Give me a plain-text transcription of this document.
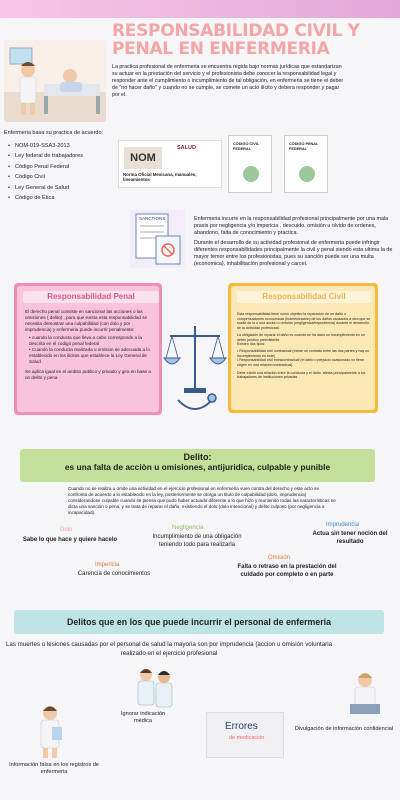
RESPONSABILIDAD CIVIL Y PENAL EN ENFERMERIA
La practica profesional de enfermeria se encuentra regida bajo normas jurídicas que estandarizan su actuar en la prestación del servicio y el profesionista debe conocer la responsabilidad legal y responder ante el cumplimiento o incumplimiento de tal obligación, en enfermeria se tiene el deber de "no hacer daño" y cuando no se cumple, se comete un acto ilícito y debera responder y pagar por el.
Enfermeria basa su practica de acuerdo:
• NOM-019-SSA3-2013
• Ley federal de trabajadores
• Código Penal Federal
• Código Civil
• Ley General de Salud
• Código de Ética
SALUD
NOM
Norma Oficial Mexicana, manuales, lineamientos
CÓDIGO CIVIL FEDERAL
CÓDIGO PENAL FEDERAL
SANCTIONS	Enfermeria incurre en la responsabilidad profesional principalmente por una mala praxis por negligencia y/o impericia , descuido, omisión u olvido de ordenes, abandono, falta de conocimiento y practica.

Durante el desarrollo de su actividad profesional de enfermeria puede infringir diferentes responsabilidades principalmente la civil y penal siendo esta ultima la de mayor temor entre los profesionistas, pues su sanción puede ser una multa (economica), inhabilitación profesional y carcel.

Responsabilidad Penal

El derecho penal consiste en sancionar las acciones o las omisiones ( delito) , para que exista esta responsabilidad se necesita demostrar una culpabilidad (con dolo y por imprudencia) y enfermeria puede incurrir penalmente:

• cuando la conducta que lleva a cabo corresponde a la descrita en el codigo penal federal
• Cuando la conducta realizada u omision se adecuada a lo establecido en los ilicitos que establece la Ley General de Salud

Se aplica igual en el ambito publico y privado y gira en base a un delito y pena

Responsabilidad Civil

Esta responsabilidad tiene como objetivo la reparación de un daño o compensaciones economicas (indemnización) de los daños causados a otra que se sucite de la o una acción u omisión (negligencia/imprudencia) durante el desarrollo de la actividad profesional.

La obligación de reparar el daño es cuando se ha dado un incumplimiento en un deber jurídico preexistente.

Existen dos tipos:

• Responsabilidad civil contractual (existe un contrato entre las dos partes y hay un incumplimiento en este)
• Responsabilidad civil extracontractual (el daño o perjuicio ocasionado no tiene origen en una relación contractual).

Debe existir una relación entre la conducta y el daño, afecta principalmente a los trabajadores de instituciones privadas

Delito:
es una falta de acciòn u omisiones, antijuridica, culpable y punible
Cuando no se realiza u omite una actividad en el ejercicio profesional en enfermeria vuen contra del derecho y este acto se confronta de acuerdo a lo establecido en la ley, posteriormente se otorga un titulo de culpabilidad (dolo, imprudencia) considerandose culpable cuando se piensa que pudo haber actuado diferente a lo que hizo y reuniendo todas las características se dicta una sanción o pena, y se trata de reparar el daño, existiendo el dolo (dolo intencional) y delito culposo (por negligencia o incapacidad).
Dolo
Sabe lo que hace y quiere hacelo
Negligencia
Incumplimiento de una obligación teniendo todo para realizarla
Imprudencia
Actua sin tener noción del resultado
Impericia
Carencia de conocimientos
Omisión
Falta o retraso en la prestación del cuidado por completo o en parte
Delitos que en los que puede incurrir el personal de enfermeria
Las muertes o lesiones causadas por el personal de salud la mayoria son por imprudencia (accion u omisión voluntaria realizado en el ejercicio profesional
Ignorar indicación médica	Errores
de medicación
Divulgación de información confidencial
Información falsa en los registros de enfermeria
